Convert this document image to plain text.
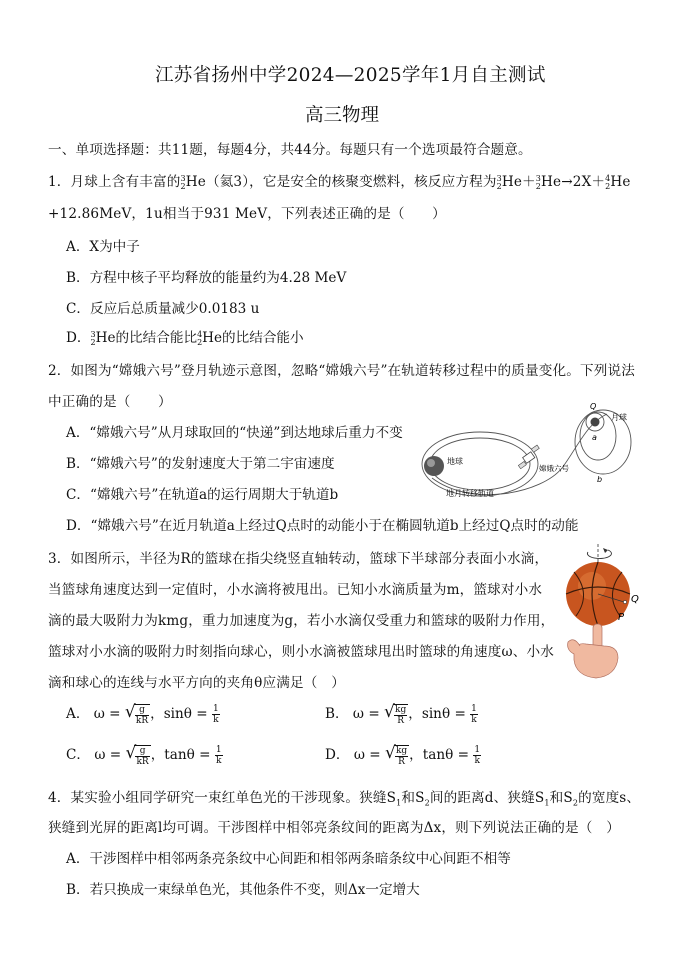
江苏省扬州中学2024—2025学年1月自主测试
高三物理
一、单项选择题：共11题，每题4分，共44分。每题只有一个选项最符合题意。
1．月球上含有丰富的 3
2 He（氦3），它是安全的核聚变燃料，核反应方程为 3
2 He＋ 3
2 He→2X＋ 4
2 He
+12.86MeV，1u相当于931 MeV，下列表述正确的是（　　）
A．X为中子
B．方程中核子平均释放的能量约为4.28 MeV
C．反应后总质量减少0.0183 u
D． 3
2 He的比结合能比 4
2 He的比结合能小
2．如图为“嫦娥六号”登月轨迹示意图，忽略“嫦娥六号”在轨道转移过程中的质量变化。下列说法
中正确的是（　　）
A．“嫦娥六号”从月球取回的“快递”到达地球后重力不变
B．“嫦娥六号”的发射速度大于第二宇宙速度
C．“嫦娥六号”在轨道a的运行周期大于轨道b
D．“嫦娥六号”在近月轨道a上经过Q点时的动能小于在椭圆轨道b上经过Q点时的动能
地球
月球
Q
a
b
嫦娥六号
地月转移轨道
3．如图所示，半径为R的篮球在指尖绕竖直轴转动，篮球下半球部分表面小水滴，
当篮球角速度达到一定值时，小水滴将被甩出。已知小水滴质量为m，篮球对小水
滴的最大吸附力为kmg，重力加速度为g，若小水滴仅受重力和篮球的吸附力作用，
篮球对小水滴的吸附力时刻指向球心，则小水滴被篮球甩出时篮球的角速度ω、小水
滴和球心的连线与水平方向的夹角θ应满足（　）
Q
P
A． ω = √ $\frac{g}{kR}$ ，$\sin\theta = \frac{1}{k}$	B． ω = √ $\frac{kg}{R}$ ，$\sin\theta = \frac{1}{k}$
C． ω = √ $\frac{g}{kR}$ ，$\tan\theta = \frac{1}{k}$	D． ω = √ $\frac{kg}{R}$ ，$\tan\theta = \frac{1}{k}$
4．某实验小组同学研究一束红单色光的干涉现象。狭缝$S_1$和$S_2$间的距离d、狭缝$S_1$和$S_2$的宽度s、
狭缝到光屏的距离l均可调。干涉图样中相邻亮条纹间的距离为Δx，则下列说法正确的是（　）
A．干涉图样中相邻两条亮条纹中心间距和相邻两条暗条纹中心间距不相等
B．若只换成一束绿单色光，其他条件不变，则Δx一定增大
